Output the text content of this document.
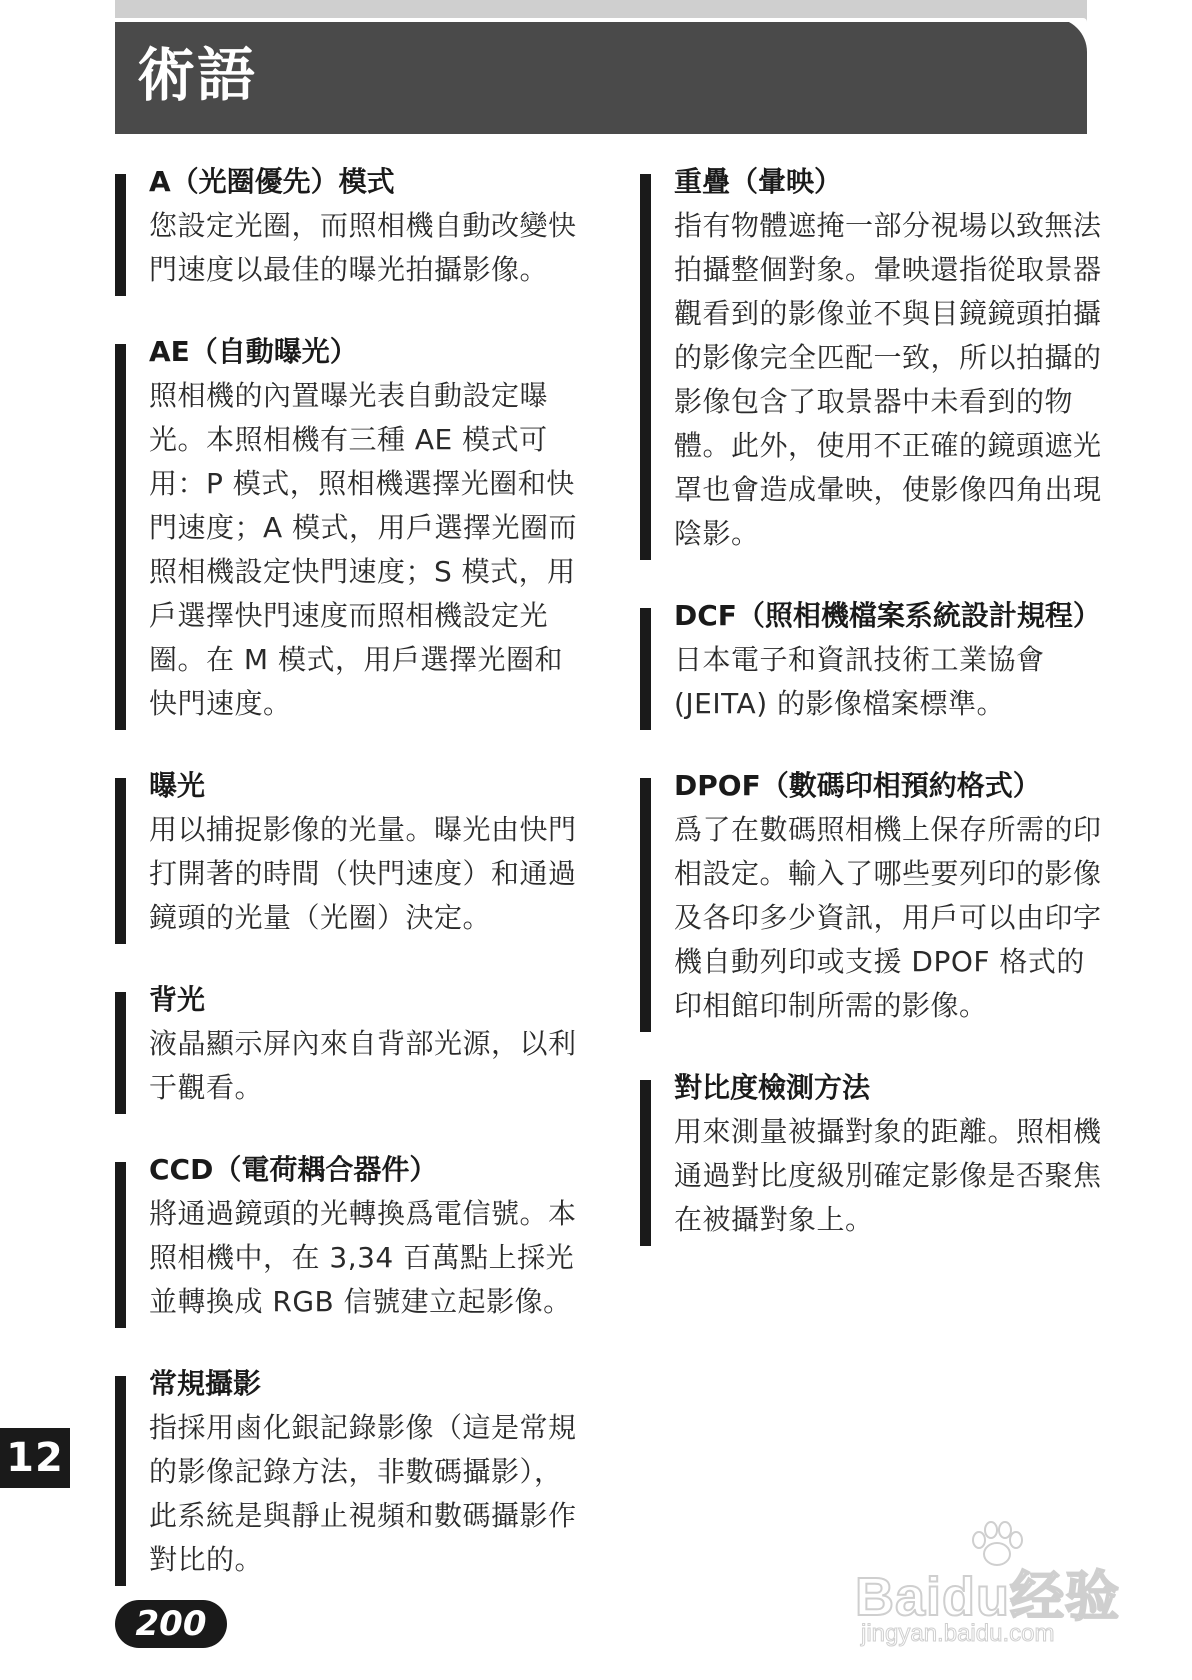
術語
A（光圈優先）模式
您設定光圈，而照相機自動改變快門速度以最佳的曝光拍攝影像。
AE（自動曝光）
照相機的內置曝光表自動設定曝光。本照相機有三種 AE 模式可用：P 模式，照相機選擇光圈和快門速度；A 模式，用戶選擇光圈而照相機設定快門速度；S 模式，用戶選擇快門速度而照相機設定光圈。在 M 模式，用戶選擇光圈和快門速度。
曝光
用以捕捉影像的光量。曝光由快門打開著的時間（快門速度）和通過鏡頭的光量（光圈）決定。
背光
液晶顯示屏內來自背部光源，以利于觀看。
CCD（電荷耦合器件）
將通過鏡頭的光轉換爲電信號。本照相機中，在 3,34 百萬點上採光並轉換成 RGB 信號建立起影像。
常規攝影
指採用鹵化銀記錄影像（這是常規的影像記錄方法，非數碼攝影），此系統是與靜止視頻和數碼攝影作對比的。
重疊（暈映）
指有物體遮掩一部分視場以致無法拍攝整個對象。暈映還指從取景器觀看到的影像並不與目鏡鏡頭拍攝的影像完全匹配一致，所以拍攝的影像包含了取景器中未看到的物體。此外，使用不正確的鏡頭遮光罩也會造成暈映，使影像四角出現陰影。
DCF（照相機檔案系統設計規程）
日本電子和資訊技術工業協會 (JEITA) 的影像檔案標準。
DPOF（數碼印相預約格式）
爲了在數碼照相機上保存所需的印相設定。輸入了哪些要列印的影像及各印多少資訊，用戶可以由印字機自動列印或支援 DPOF 格式的印相館印制所需的影像。
對比度檢測方法
用來測量被攝對象的距離。照相機通過對比度級別確定影像是否聚焦在被攝對象上。
12
200	Baidu经验
jingyan.baidu.com
